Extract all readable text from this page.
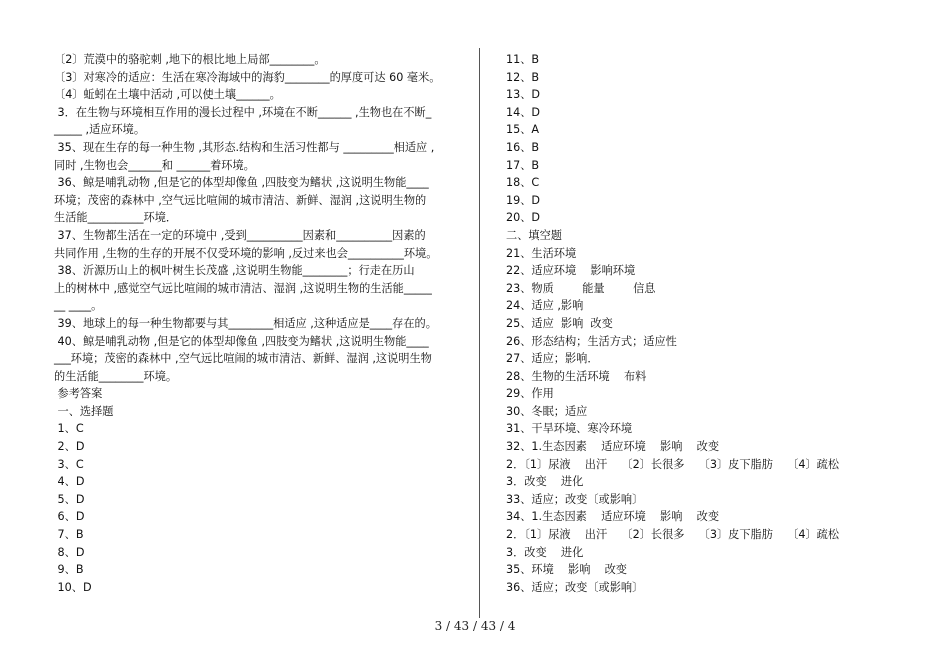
〔2〕荒漠中的骆驼刺 ,地下的根比地上局部________。
〔3〕对寒冷的适应：生活在寒冷海域中的海豹________的厚度可达 60 毫米。
〔4〕蚯蚓在土壤中活动 ,可以使土壤______。
3．在生物与环境相互作用的漫长过程中 ,环境在不断______ ,生物也在不断_
_____ ,适应环境。
35、现在生存的每一种生物 ,其形态.结构和生活习性都与 _________相适应 ,
同时 ,生物也会______和 ______着环境。
36、鲸是哺乳动物 ,但是它的体型却像鱼 ,四肢变为鳍状 ,这说明生物能____
环境；茂密的森林中 ,空气远比喧闹的城市清洁、新鲜、湿润 ,这说明生物的
生活能__________环境．
37、生物都生活在一定的环境中 ,受到__________因素和__________因素的
共同作用 ,生物的生存的开展不仅受环境的影响 ,反过来也会__________环境。
38、沂源历山上的枫叶树生长茂盛 ,这说明生物能________；行走在历山
上的树林中 ,感觉空气远比喧闹的城市清洁、湿润 ,这说明生物的生活能_____
__ ____。
39、地球上的每一种生物都要与其________相适应 ,这种适应是____存在的。
40、鲸是哺乳动物 ,但是它的体型却像鱼 ,四肢变为鳍状 ,这说明生物能____
___环境；茂密的森林中 ,空气远比喧闹的城市清洁、新鲜、湿润 ,这说明生物
的生活能________环境。
参考答案
一、选择题
1、C
2、D
3、C
4、D
5、D
6、D
7、B
8、D
9、B
10、D
11、B
12、B
13、D
14、D
15、A
16、B
17、B
18、C
19、D
20、D
二、填空题
21、生活环境
22、适应环境    影响环境
23、物质        能量        信息
24、适应 ,影响
25、适应  影响  改变
26、形态结构；生活方式；适应性
27、适应；影响．
28、生物的生活环境    布料
29、作用
30、冬眠；适应
31、干旱环境、寒冷环境
32、1.生态因素    适应环境    影响    改变
2．〔1〕尿液    出汗    〔2〕长很多    〔3〕皮下脂肪    〔4〕疏松
3．改变    进化
33、适应；改变〔或影响〕
34、1.生态因素    适应环境    影响    改变
2．〔1〕尿液    出汗    〔2〕长很多    〔3〕皮下脂肪    〔4〕疏松
3．改变    进化
35、环境    影响    改变
36、适应；改变〔或影响〕
3 / 43 / 43 / 4
